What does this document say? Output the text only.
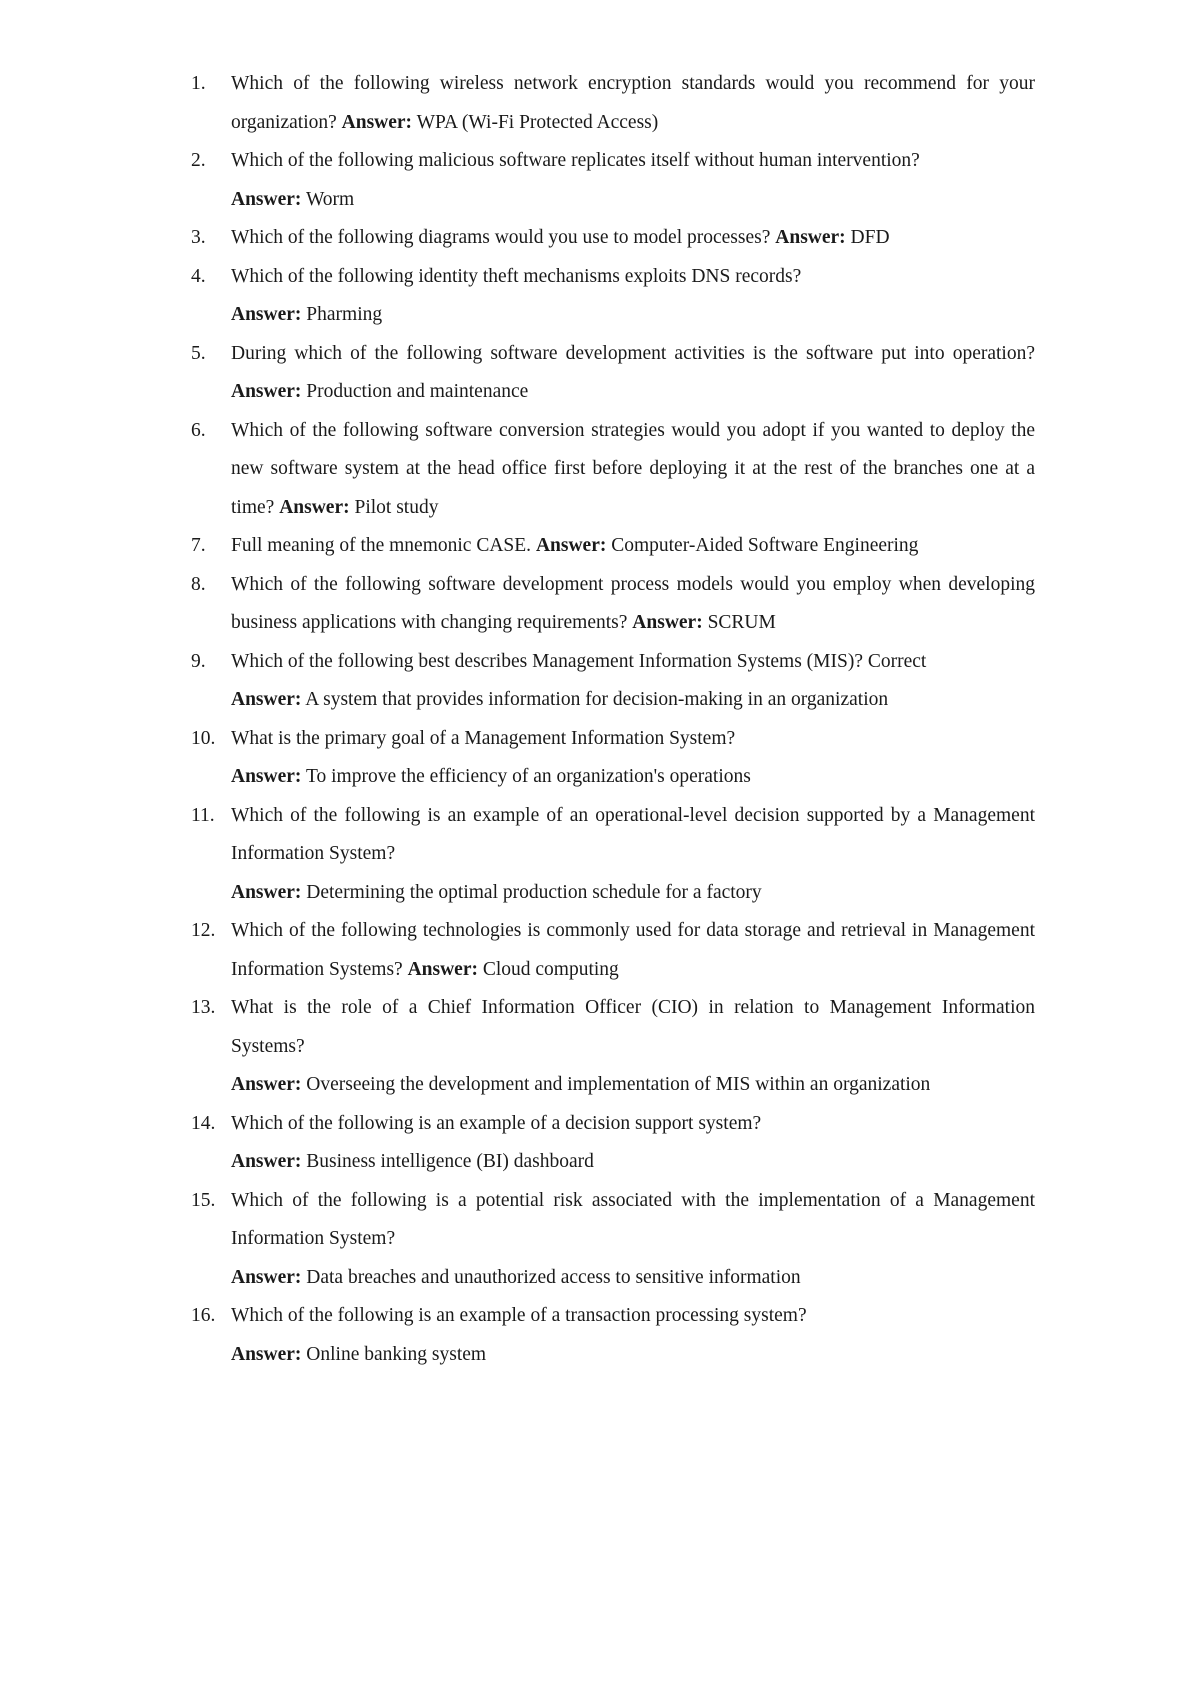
1. Which of the following wireless network encryption standards would you recommend for your organization? Answer: WPA (Wi-Fi Protected Access)
2. Which of the following malicious software replicates itself without human intervention?
Answer: Worm
3. Which of the following diagrams would you use to model processes? Answer: DFD
4. Which of the following identity theft mechanisms exploits DNS records?
Answer: Pharming
5. During which of the following software development activities is the software put into operation? Answer: Production and maintenance
6. Which of the following software conversion strategies would you adopt if you wanted to deploy the new software system at the head office first before deploying it at the rest of the branches one at a time? Answer: Pilot study
7. Full meaning of the mnemonic CASE. Answer: Computer-Aided Software Engineering
8. Which of the following software development process models would you employ when developing business applications with changing requirements? Answer: SCRUM
9. Which of the following best describes Management Information Systems (MIS)? Correct
Answer: A system that provides information for decision-making in an organization
10. What is the primary goal of a Management Information System?
Answer: To improve the efficiency of an organization's operations
11. Which of the following is an example of an operational-level decision supported by a Management Information System?
Answer: Determining the optimal production schedule for a factory
12. Which of the following technologies is commonly used for data storage and retrieval in Management Information Systems? Answer: Cloud computing
13. What is the role of a Chief Information Officer (CIO) in relation to Management Information Systems?
Answer: Overseeing the development and implementation of MIS within an organization
14. Which of the following is an example of a decision support system?
Answer: Business intelligence (BI) dashboard
15. Which of the following is a potential risk associated with the implementation of a Management Information System?
Answer: Data breaches and unauthorized access to sensitive information
16. Which of the following is an example of a transaction processing system?
Answer: Online banking system
